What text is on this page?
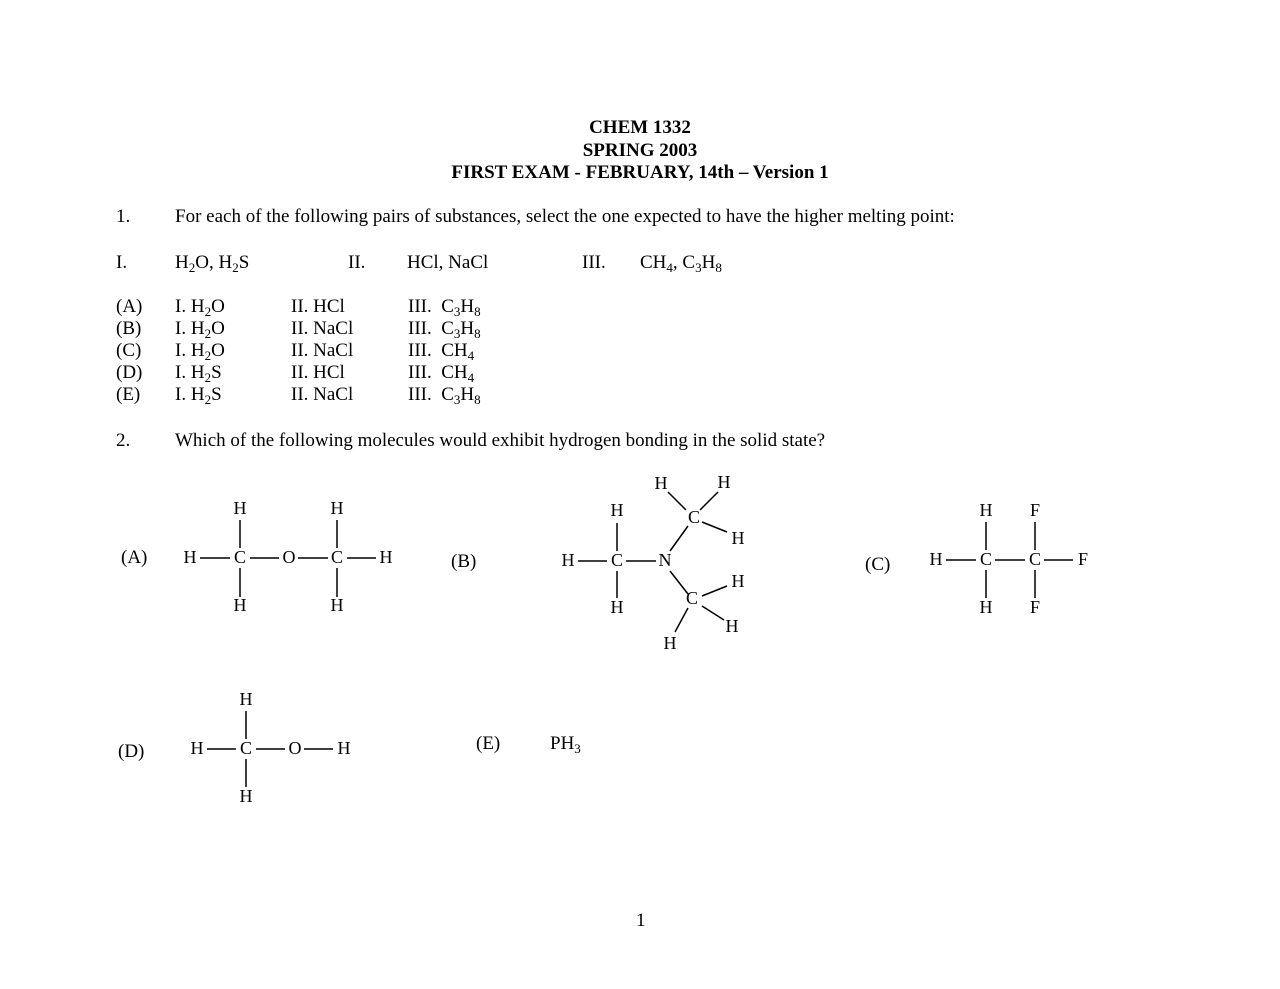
CHEM 1332
SPRING 2003
FIRST EXAM - FEBRUARY, 14th – Version 1
1. For each of the following pairs of substances, select the one expected to have the higher melting point:
I.	$H_2O$, $H_2S$	II. HCl, NaCl	III. $CH_4$, $C_3H_8$
(A) I. $H_2O$	II. HCl	III.  $C_3H_8$
(B) I. $H_2O$	II. NaCl	III.  $C_3H_8$
(C) I. $H_2O$	II. NaCl	III.  $CH_4$
(D) I. $H_2S$	II. HCl	III.  $CH_4$
(E) I. $H_2S$	II. NaCl	III.  $C_3H_8$
2. Which of the following molecules would exhibit hydrogen bonding in the solid state?
(A)	(B)	(C)
(D)	(E)	$PH_3$
H C O C H
H
H
H
H
H C N
H
H
C
H	H
H
C
H
H
H
H C C F
H
H
F
F
H C O H
H
H
1
